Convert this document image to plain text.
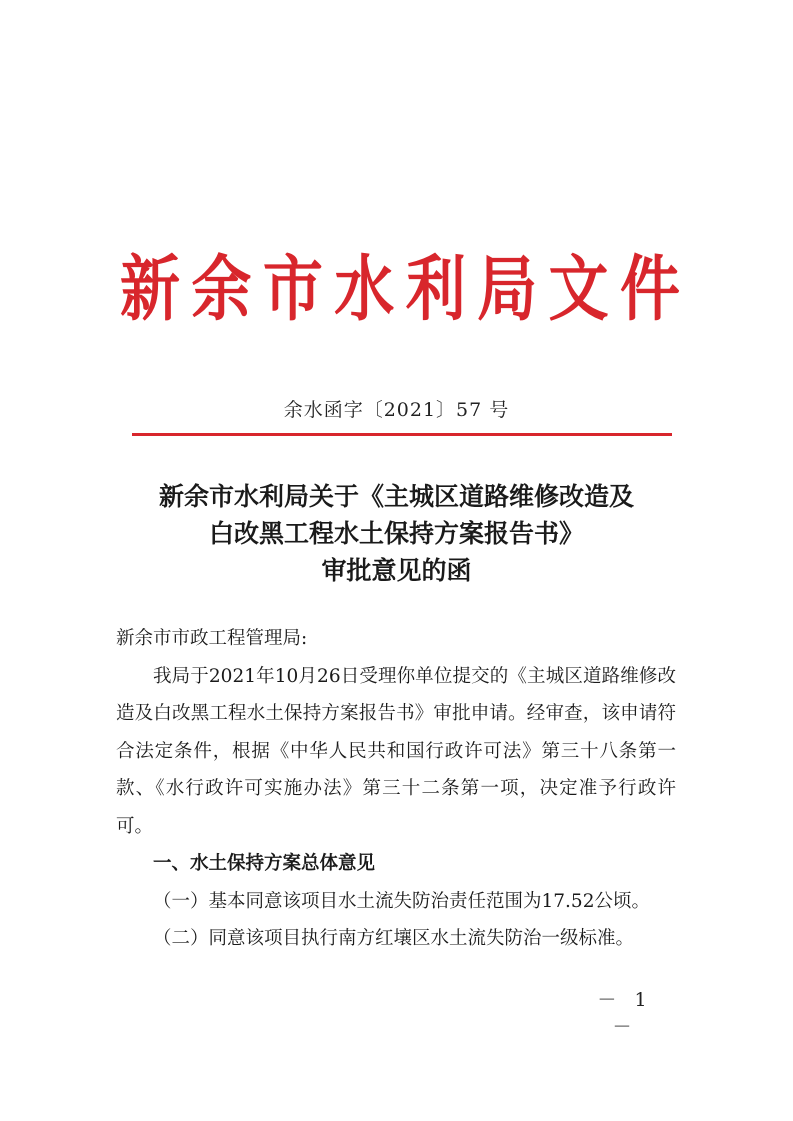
新 余 市 水 利 局 文 件
余水函字〔2021〕57 号
新余市水利局关于《主城区道路维修改造及
白改黑工程水土保持方案报告书》
审批意见的函

新余市市政工程管理局:

我局于2021年10月26日受理你单位提交的《主城区道路维修改造及白改黑工程水土保持方案报告书》审批申请。经审查，该申请符合法定条件，根据《中华人民共和国行政许可法》第三十八条第一款、《水行政许可实施办法》第三十二条第一项，决定准予行政许可。

一、水土保持方案总体意见

（一）基本同意该项目水土流失防治责任范围为17.52公顷。

（二）同意该项目执行南方红壤区水土流失防治一级标准。

－ 1 －
